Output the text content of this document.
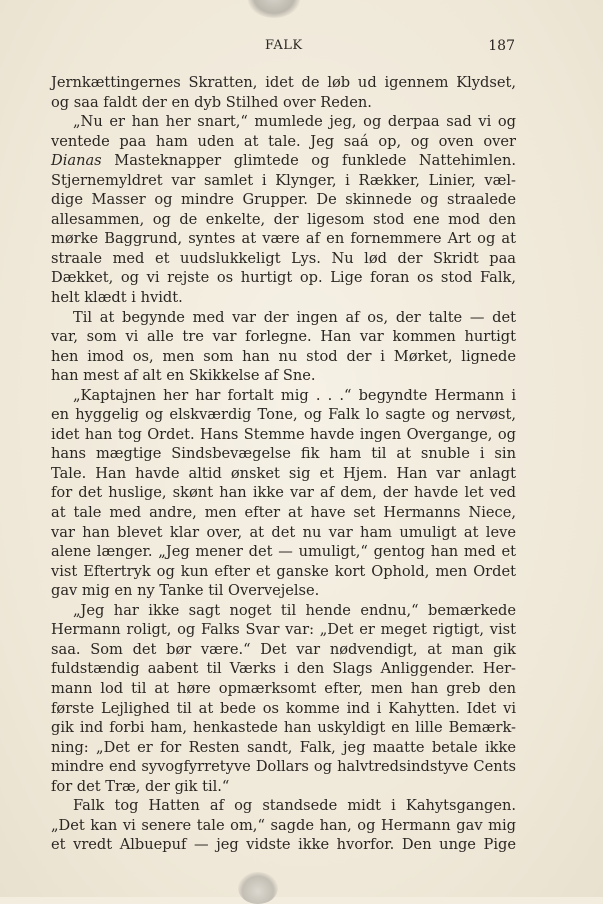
FALK	187
Jernkættingernes Skratten, idet de løb ud igennem Klydset,
og saa faldt der en dyb Stilhed over Reden.
„Nu er han her snart,“ mumlede jeg, og derpaa sad vi og
ventede paa ham uden at tale. Jeg saá op, og oven over
Dianas Masteknapper glimtede og funklede Nattehimlen.
Stjernemyldret var samlet i Klynger, i Rækker, Linier, væl-
dige Masser og mindre Grupper. De skinnede og straalede
allesammen, og de enkelte, der ligesom stod ene mod den
mørke Baggrund, syntes at være af en fornemmere Art og at
straale med et uudslukkeligt Lys. Nu lød der Skridt paa
Dækket, og vi rejste os hurtigt op. Lige foran os stod Falk,
helt klædt i hvidt.
Til at begynde med var der ingen af os, der talte — det
var, som vi alle tre var forlegne. Han var kommen hurtigt
hen imod os, men som han nu stod der i Mørket, lignede
han mest af alt en Skikkelse af Sne.
„Kaptajnen her har fortalt mig . . .“ begyndte Hermann i
en hyggelig og elskværdig Tone, og Falk lo sagte og nervøst,
idet han tog Ordet. Hans Stemme havde ingen Overgange, og
hans mægtige Sindsbevægelse fik ham til at snuble i sin
Tale. Han havde altid ønsket sig et Hjem. Han var anlagt
for det huslige, skønt han ikke var af dem, der havde let ved
at tale med andre, men efter at have set Hermanns Niece,
var han blevet klar over, at det nu var ham umuligt at leve
alene længer. „Jeg mener det — umuligt,“ gentog han med et
vist Eftertryk og kun efter et ganske kort Ophold, men Ordet
gav mig en ny Tanke til Overvejelse.
„Jeg har ikke sagt noget til hende endnu,“ bemærkede
Hermann roligt, og Falks Svar var: „Det er meget rigtigt, vist
saa. Som det bør være.“ Det var nødvendigt, at man gik
fuldstændig aabent til Værks i den Slags Anliggender. Her-
mann lod til at høre opmærksomt efter, men han greb den
første Lejlighed til at bede os komme ind i Kahytten. Idet vi
gik ind forbi ham, henkastede han uskyldigt en lille Bemærk-
ning: „Det er for Resten sandt, Falk, jeg maatte betale ikke
mindre end syvogfyrretyve Dollars og halvtredsindstyve Cents
for det Træ, der gik til.“
Falk tog Hatten af og standsede midt i Kahytsgangen.
„Det kan vi senere tale om,“ sagde han, og Hermann gav mig
et vredt Albuepuf — jeg vidste ikke hvorfor. Den unge Pige
